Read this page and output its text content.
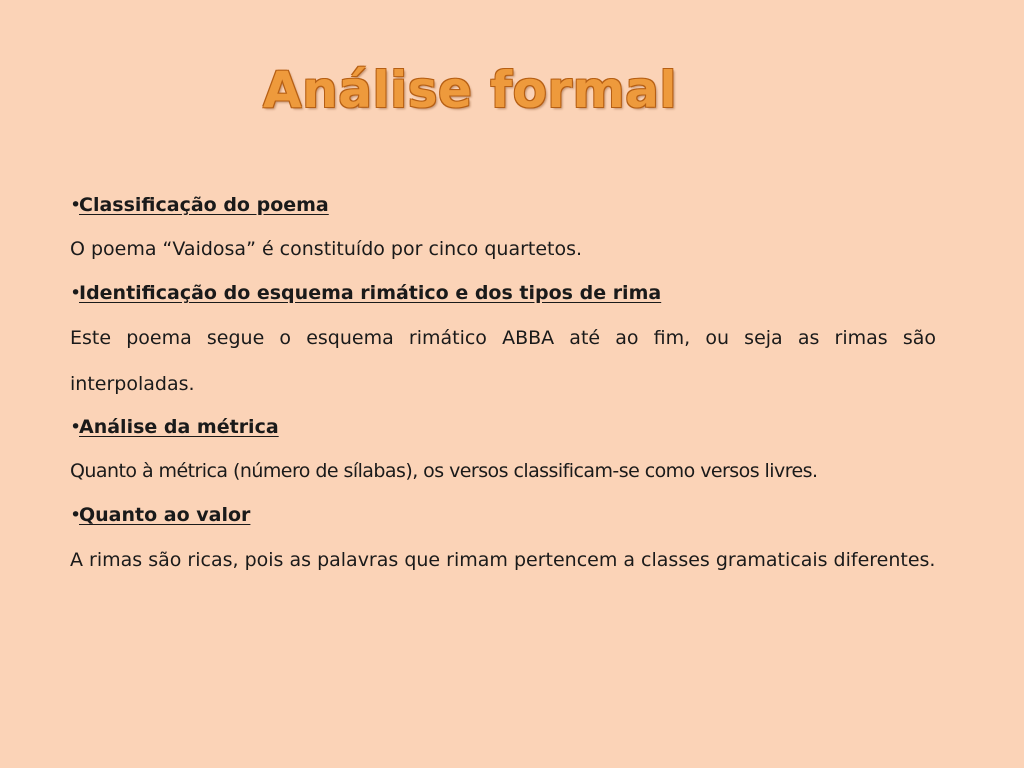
Análise formal
•Classificação do poema
O poema “Vaidosa” é constituído por cinco quartetos.
•Identificação do esquema rimático e dos tipos de rima
Este poema segue o esquema rimático ABBA até ao fim, ou seja as rimas são interpoladas.
•Análise da métrica
Quanto à métrica (número de sílabas), os versos classificam-se como versos livres.
•Quanto ao valor
A rimas são ricas, pois as palavras que rimam pertencem a classes gramaticais diferentes.
